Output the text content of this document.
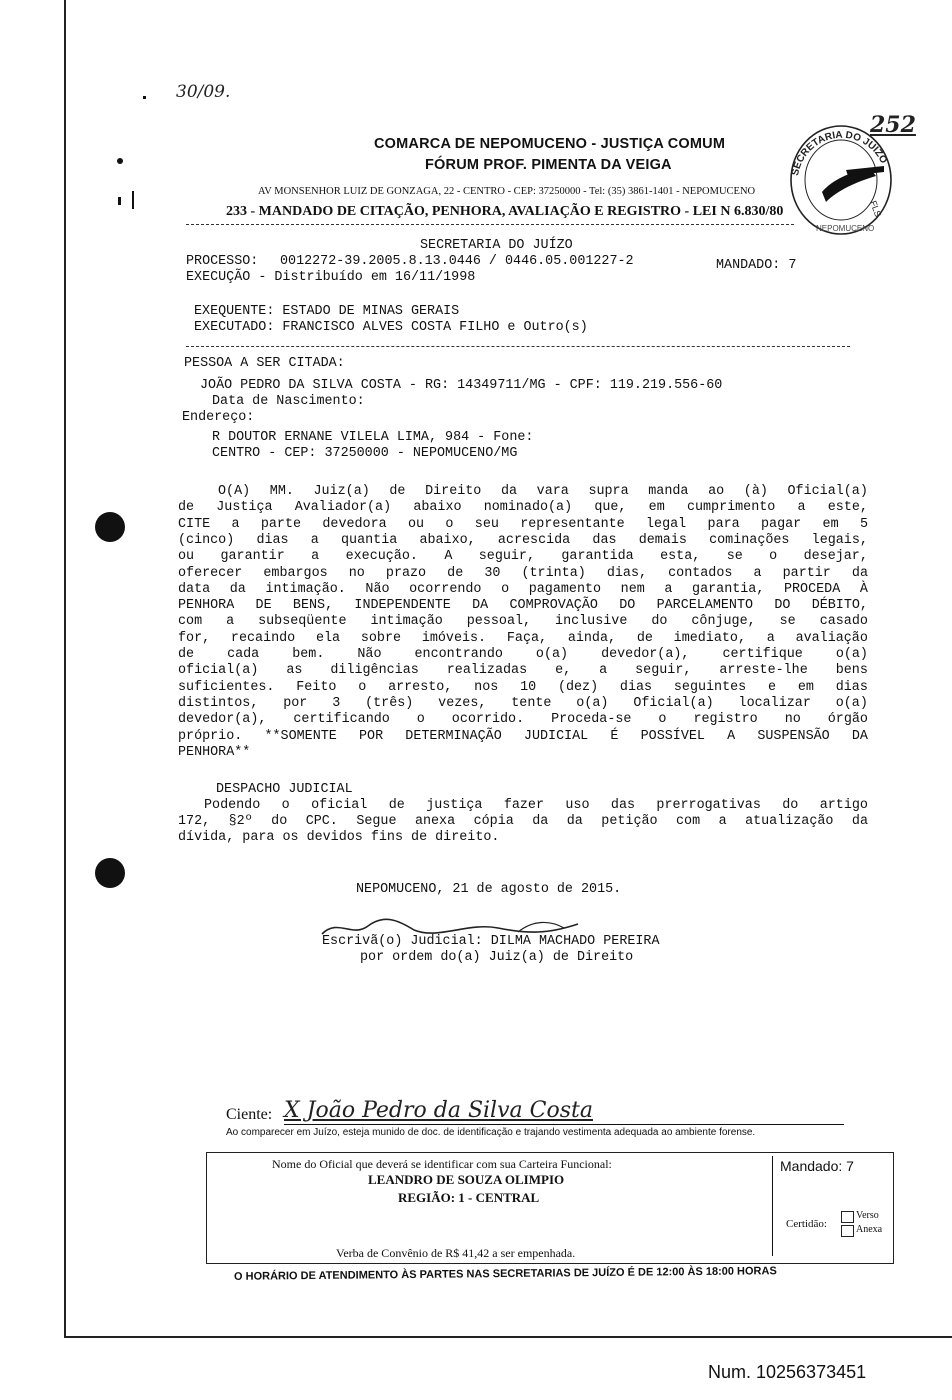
30/09.
252
COMARCA DE NEPOMUCENO - JUSTIÇA COMUM
FÓRUM PROF. PIMENTA DA VEIGA
AV MONSENHOR LUIZ DE GONZAGA, 22 - CENTRO - CEP: 37250000 - Tel: (35) 3861-1401 - NEPOMUCENO
233 - MANDADO DE CITAÇÃO, PENHORA, AVALIAÇÃO E REGISTRO - LEI N 6.830/80
SECRETARIA DO JUÍZO
FLS
NEPOMUCENO
SECRETARIA DO JUÍZO
PROCESSO: 0012272-39.2005.8.13.0446 / 0446.05.001227-2	MANDADO: 7
EXECUÇÃO - Distribuído em 16/11/1998
EXEQUENTE: ESTADO DE MINAS GERAIS
EXECUTADO: FRANCISCO ALVES COSTA FILHO e Outro(s)
PESSOA A SER CITADA:
JOÃO PEDRO DA SILVA COSTA - RG: 14349711/MG - CPF: 119.219.556-60
Data de Nascimento:
Endereço:
R DOUTOR ERNANE VILELA LIMA, 984 - Fone:
CENTRO - CEP: 37250000 - NEPOMUCENO/MG
O(A) MM. Juiz(a) de Direito da vara supra manda ao (à) Oficial(a)
de Justiça Avaliador(a) abaixo nominado(a) que, em cumprimento a este,
CITE a parte devedora ou o seu representante legal para pagar em 5
(cinco) dias a quantia abaixo, acrescida das demais cominações legais,
ou garantir a execução. A seguir, garantida esta, se o desejar,
oferecer embargos no prazo de 30 (trinta) dias, contados a partir da
data da intimação. Não ocorrendo o pagamento nem a garantia, PROCEDA À
PENHORA DE BENS, INDEPENDENTE DA COMPROVAÇÃO DO PARCELAMENTO DO DÉBITO,
com a subseqüente intimação pessoal, inclusive do cônjuge, se casado
for, recaindo ela sobre imóveis. Faça, ainda, de imediato, a avaliação
de cada bem. Não encontrando o(a) devedor(a), certifique o(a)
oficial(a) as diligências realizadas e, a seguir, arreste-lhe bens
suficientes. Feito o arresto, nos 10 (dez) dias seguintes e em dias
distintos, por 3 (três) vezes, tente o(a) Oficial(a) localizar o(a)
devedor(a), certificando o ocorrido. Proceda-se o registro no órgão
próprio. **SOMENTE POR DETERMINAÇÃO JUDICIAL É POSSÍVEL A SUSPENSÃO DA
PENHORA**
DESPACHO JUDICIAL
Podendo o oficial de justiça fazer uso das prerrogativas do artigo
172, §2º do CPC. Segue anexa cópia da da petição com a atualização da
dívida, para os devidos fins de direito.
NEPOMUCENO, 21 de agosto de 2015.
Escrivã(o) Judicial: DILMA MACHADO PEREIRA
por ordem do(a) Juiz(a) de Direito
Ciente: X João Pedro da Silva Costa
Ao comparecer em Juízo, esteja munido de doc. de identificação e trajando vestimenta adequada ao ambiente forense.
Nome do Oficial que deverá se identificar com sua Carteira Funcional:
LEANDRO DE SOUZA OLIMPIO
REGIÃO: 1 - CENTRAL
Verba de Convênio de R$ 41,42 a ser empenhada.
Mandado: 7
Certidão:
Verso
Anexa
O HORÁRIO DE ATENDIMENTO ÀS PARTES NAS SECRETARIAS DE JUÍZO É DE 12:00 ÀS 18:00 HORAS
Num. 10256373451
